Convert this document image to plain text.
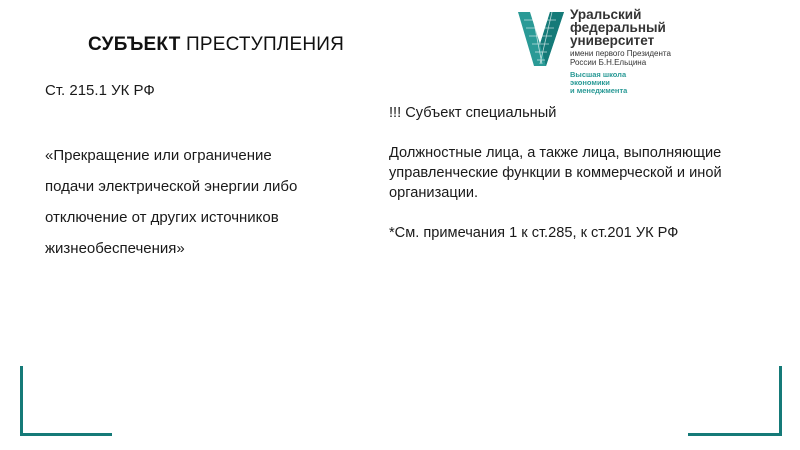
СУБЪЕКТ ПРЕСТУПЛЕНИЯ
Уральский
федеральный
университет
имени первого Президента
России Б.Н.Ельцина
Высшая школа
экономики
и менеджмента
Ст. 215.1 УК РФ
«Прекращение или ограничение
подачи электрической энергии либо
отключение от других источников
жизнеобеспечения»

!!! Субъект специальный

Должностные лица, а также лица, выполняющие управленческие функции в коммерческой и иной организации.

*См. примечания 1 к ст.285, к ст.201 УК РФ
